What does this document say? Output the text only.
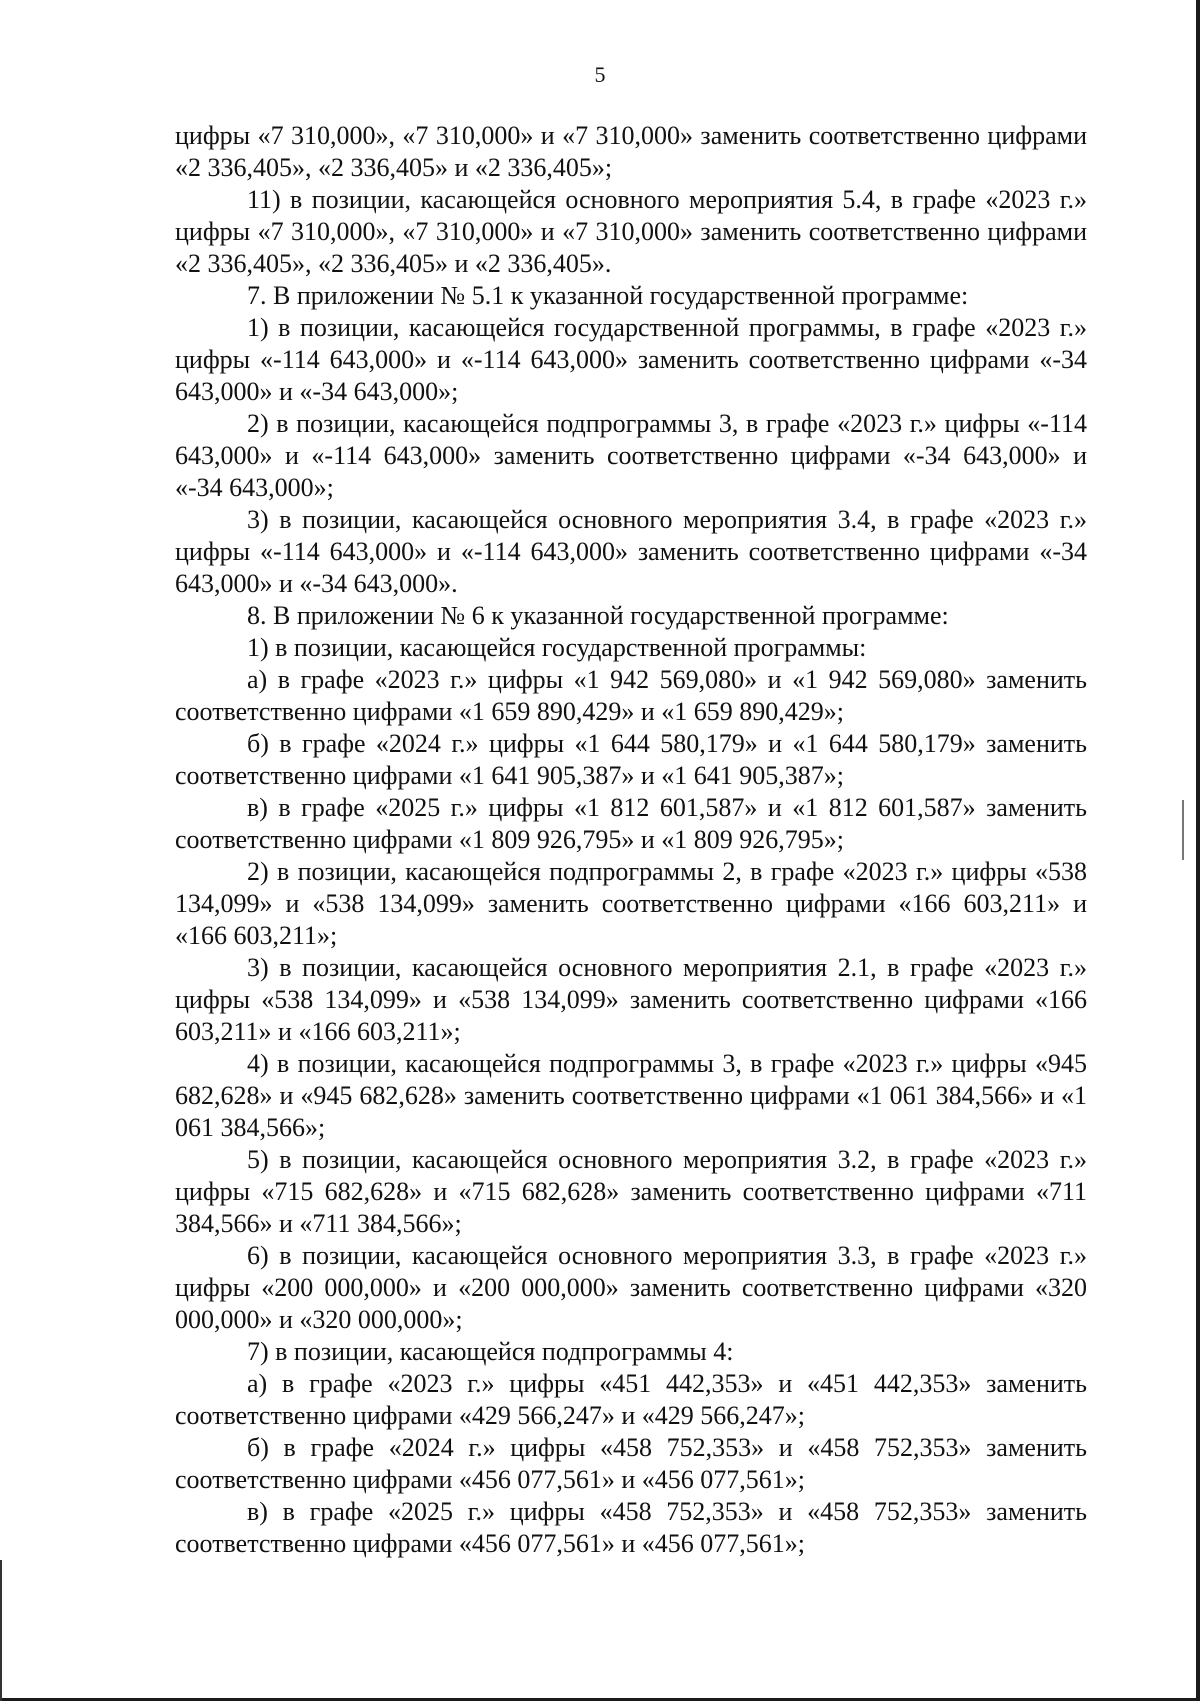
5

цифры «7 310,000», «7 310,000» и «7 310,000» заменить соответственно цифрами «2 336,405», «2 336,405» и «2 336,405»;

11) в позиции, касающейся основного мероприятия 5.4, в графе «2023 г.» цифры «7 310,000», «7 310,000» и «7 310,000» заменить соответственно цифрами «2 336,405», «2 336,405» и «2 336,405».

7. В приложении № 5.1 к указанной государственной программе:

1) в позиции, касающейся государственной программы, в графе «2023 г.» цифры «-114 643,000» и «-114 643,000» заменить соответственно цифрами «-34 643,000» и «-34 643,000»;

2) в позиции, касающейся подпрограммы 3, в графе «2023 г.» цифры «-114 643,000» и «-114 643,000» заменить соответственно цифрами «-34 643,000» и «-34 643,000»;

3) в позиции, касающейся основного мероприятия 3.4, в графе «2023 г.» цифры «-114 643,000» и «-114 643,000» заменить соответственно цифрами «-34 643,000» и «-34 643,000».

8. В приложении № 6 к указанной государственной программе:

1) в позиции, касающейся государственной программы:

а) в графе «2023 г.» цифры «1 942 569,080» и «1 942 569,080» заменить соответственно цифрами «1 659 890,429» и «1 659 890,429»;

б) в графе «2024 г.» цифры «1 644 580,179» и «1 644 580,179» заменить соответственно цифрами «1 641 905,387» и «1 641 905,387»;

в) в графе «2025 г.» цифры «1 812 601,587» и «1 812 601,587» заменить соответственно цифрами «1 809 926,795» и «1 809 926,795»;

2) в позиции, касающейся подпрограммы 2, в графе «2023 г.» цифры «538 134,099» и «538 134,099» заменить соответственно цифрами «166 603,211» и «166 603,211»;

3) в позиции, касающейся основного мероприятия 2.1, в графе «2023 г.» цифры «538 134,099» и «538 134,099» заменить соответственно цифрами «166 603,211» и «166 603,211»;

4) в позиции, касающейся подпрограммы 3, в графе «2023 г.» цифры «945 682,628» и «945 682,628» заменить соответственно цифрами «1 061 384,566» и «1 061 384,566»;

5) в позиции, касающейся основного мероприятия 3.2, в графе «2023 г.» цифры «715 682,628» и «715 682,628» заменить соответственно цифрами «711 384,566» и «711 384,566»;

6) в позиции, касающейся основного мероприятия 3.3, в графе «2023 г.» цифры «200 000,000» и «200 000,000» заменить соответственно цифрами «320 000,000» и «320 000,000»;

7) в позиции, касающейся подпрограммы 4:

а) в графе «2023 г.» цифры «451 442,353» и «451 442,353» заменить соответственно цифрами «429 566,247» и «429 566,247»;

б) в графе «2024 г.» цифры «458 752,353» и «458 752,353» заменить соответственно цифрами «456 077,561» и «456 077,561»;

в) в графе «2025 г.» цифры «458 752,353» и «458 752,353» заменить соответственно цифрами «456 077,561» и «456 077,561»;
